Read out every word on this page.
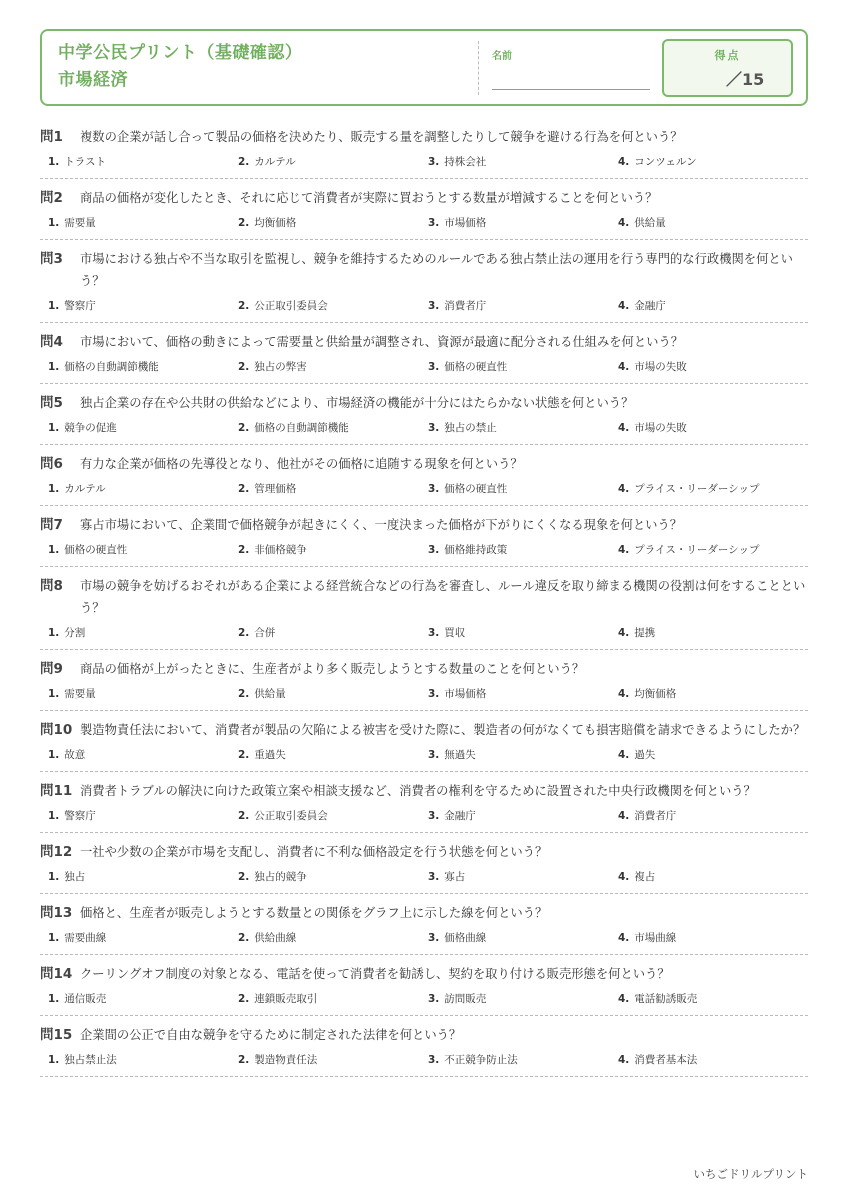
中学公民プリント（基礎確認）
市場経済
名前	得点
／15
問1	複数の企業が話し合って製品の価格を決めたり、販売する量を調整したりして競争を避ける行為を何という？
1. トラスト	2. カルテル	3. 持株会社	4. コンツェルン
問2	商品の価格が変化したとき、それに応じて消費者が実際に買おうとする数量が増減することを何という？
1. 需要量	2. 均衡価格	3. 市場価格	4. 供給量
問3	市場における独占や不当な取引を監視し、競争を維持するためのルールである独占禁止法の運用を行う専門的な行政機関を何という？
1. 警察庁	2. 公正取引委員会	3. 消費者庁	4. 金融庁
問4	市場において、価格の動きによって需要量と供給量が調整され、資源が最適に配分される仕組みを何という？
1. 価格の自動調節機能	2. 独占の弊害	3. 価格の硬直性	4. 市場の失敗
問5	独占企業の存在や公共財の供給などにより、市場経済の機能が十分にはたらかない状態を何という？
1. 競争の促進	2. 価格の自動調節機能	3. 独占の禁止	4. 市場の失敗
問6	有力な企業が価格の先導役となり、他社がその価格に追随する現象を何という？
1. カルテル	2. 管理価格	3. 価格の硬直性	4. プライス・リーダーシップ
問7	寡占市場において、企業間で価格競争が起きにくく、一度決まった価格が下がりにくくなる現象を何という？
1. 価格の硬直性	2. 非価格競争	3. 価格維持政策	4. プライス・リーダーシップ
問8	市場の競争を妨げるおそれがある企業による経営統合などの行為を審査し、ルール違反を取り締まる機関の役割は何をすることという？
1. 分割	2. 合併	3. 買収	4. 提携
問9	商品の価格が上がったときに、生産者がより多く販売しようとする数量のことを何という？
1. 需要量	2. 供給量	3. 市場価格	4. 均衡価格
問10 製造物責任法において、消費者が製品の欠陥による被害を受けた際に、製造者の何がなくても損害賠償を請求できるようにしたか？
1. 故意	2. 重過失	3. 無過失	4. 過失
問11 消費者トラブルの解決に向けた政策立案や相談支援など、消費者の権利を守るために設置された中央行政機関を何という？
1. 警察庁	2. 公正取引委員会	3. 金融庁	4. 消費者庁
問12 一社や少数の企業が市場を支配し、消費者に不利な価格設定を行う状態を何という？
1. 独占	2. 独占的競争	3. 寡占	4. 複占
問13 価格と、生産者が販売しようとする数量との関係をグラフ上に示した線を何という？
1. 需要曲線	2. 供給曲線	3. 価格曲線	4. 市場曲線
問14 クーリングオフ制度の対象となる、電話を使って消費者を勧誘し、契約を取り付ける販売形態を何という？
1. 通信販売	2. 連鎖販売取引	3. 訪問販売	4. 電話勧誘販売
問15 企業間の公正で自由な競争を守るために制定された法律を何という？
1. 独占禁止法	2. 製造物責任法	3. 不正競争防止法	4. 消費者基本法
いちごドリルプリント
